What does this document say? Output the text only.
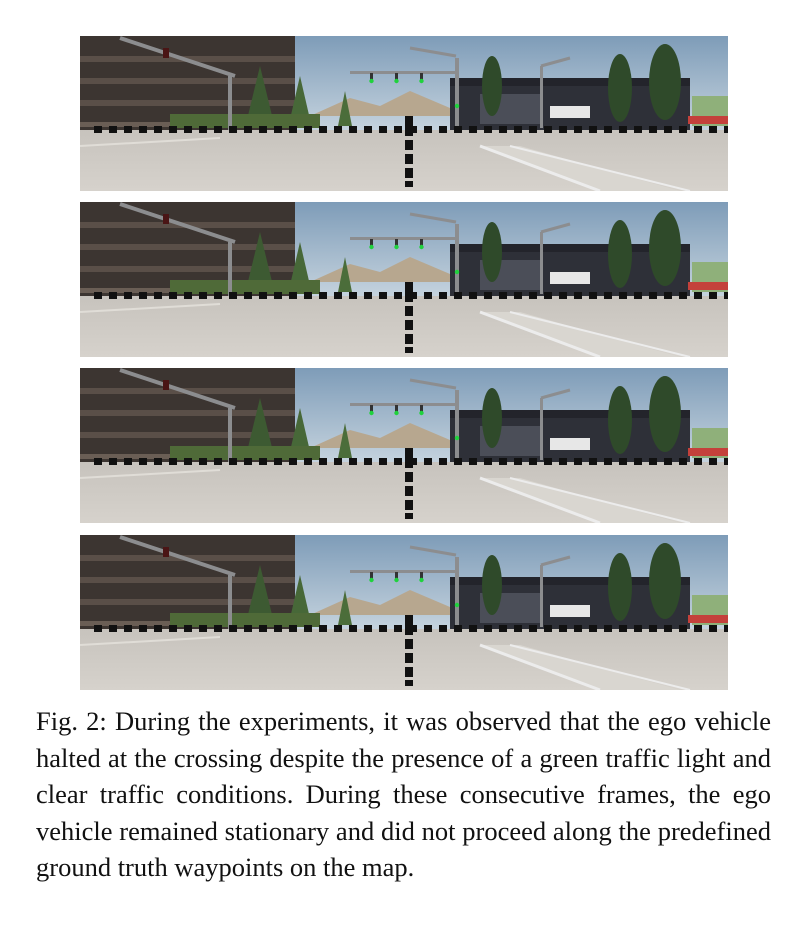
Fig. 2: During the experiments, it was observed that the ego vehicle halted at the crossing despite the presence of a green traffic light and clear traffic conditions. During these consecutive frames, the ego vehicle remained stationary and did not proceed along the predefined ground truth waypoints on the map.
